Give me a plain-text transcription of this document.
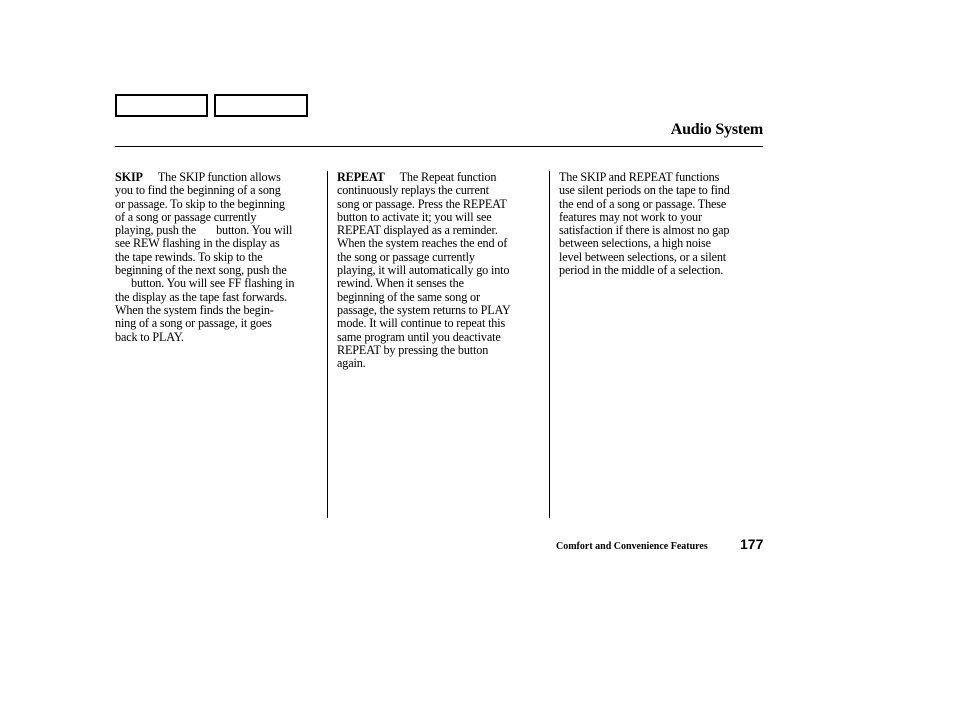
Audio System
SKIP The SKIP function allows
you to find the beginning of a song
or passage. To skip to the beginning
of a song or passage currently
playing, push the button. You will
see REW flashing in the display as
the tape rewinds. To skip to the
beginning of the next song, push the
button. You will see FF flashing in
the display as the tape fast forwards.
When the system finds the begin-
ning of a song or passage, it goes
back to PLAY.
REPEAT The Repeat function
continuously replays the current
song or passage. Press the REPEAT
button to activate it; you will see
REPEAT displayed as a reminder.
When the system reaches the end of
the song or passage currently
playing, it will automatically go into
rewind. When it senses the
beginning of the same song or
passage, the system returns to PLAY
mode. It will continue to repeat this
same program until you deactivate
REPEAT by pressing the button
again.
The SKIP and REPEAT functions
use silent periods on the tape to find
the end of a song or passage. These
features may not work to your
satisfaction if there is almost no gap
between selections, a high noise
level between selections, or a silent
period in the middle of a selection.
Comfort and Convenience Features 177
